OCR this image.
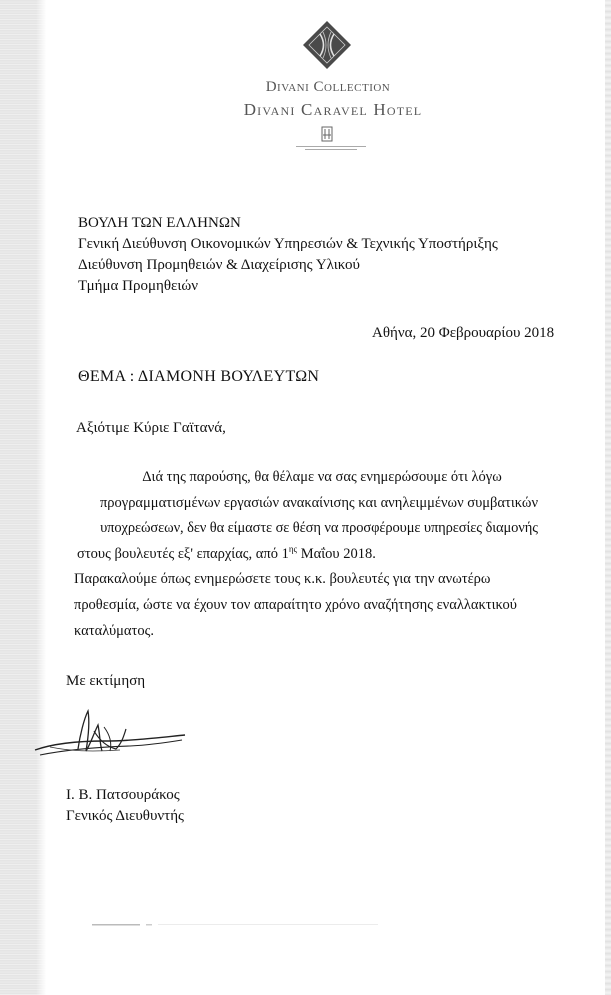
Divani Collection
Divani Caravel Hotel
ΒΟΥΛΗ ΤΩΝ ΕΛΛΗΝΩΝ
Γενική Διεύθυνση Οικονομικών Υπηρεσιών & Τεχνικής Υποστήριξης
Διεύθυνση Προμηθειών & Διαχείρισης Υλικού
Τμήμα Προμηθειών
Αθήνα, 20 Φεβρουαρίου 2018
ΘΕΜΑ : ΔΙΑΜΟΝΗ ΒΟΥΛΕΥΤΩΝ
Αξιότιμε Κύριε Γαϊτανά,
Διά της παρούσης, θα θέλαμε να σας ενημερώσουμε ότι λόγω
προγραμματισμένων εργασιών ανακαίνισης και ανηλειμμένων συμβατικών
υποχρεώσεων, δεν θα είμαστε σε θέση να προσφέρουμε υπηρεσίες διαμονής
στους βουλευτές εξ' επαρχίας, από $1^{\eta\varsigma}$ Μαΐου 2018.
Παρακαλούμε όπως ενημερώσετε τους κ.κ. βουλευτές για την ανωτέρω
προθεσμία, ώστε να έχουν τον απαραίτητο χρόνο αναζήτησης εναλλακτικού
καταλύματος.
Με εκτίμηση
Ι. Β. Πατσουράκος
Γενικός Διευθυντής
